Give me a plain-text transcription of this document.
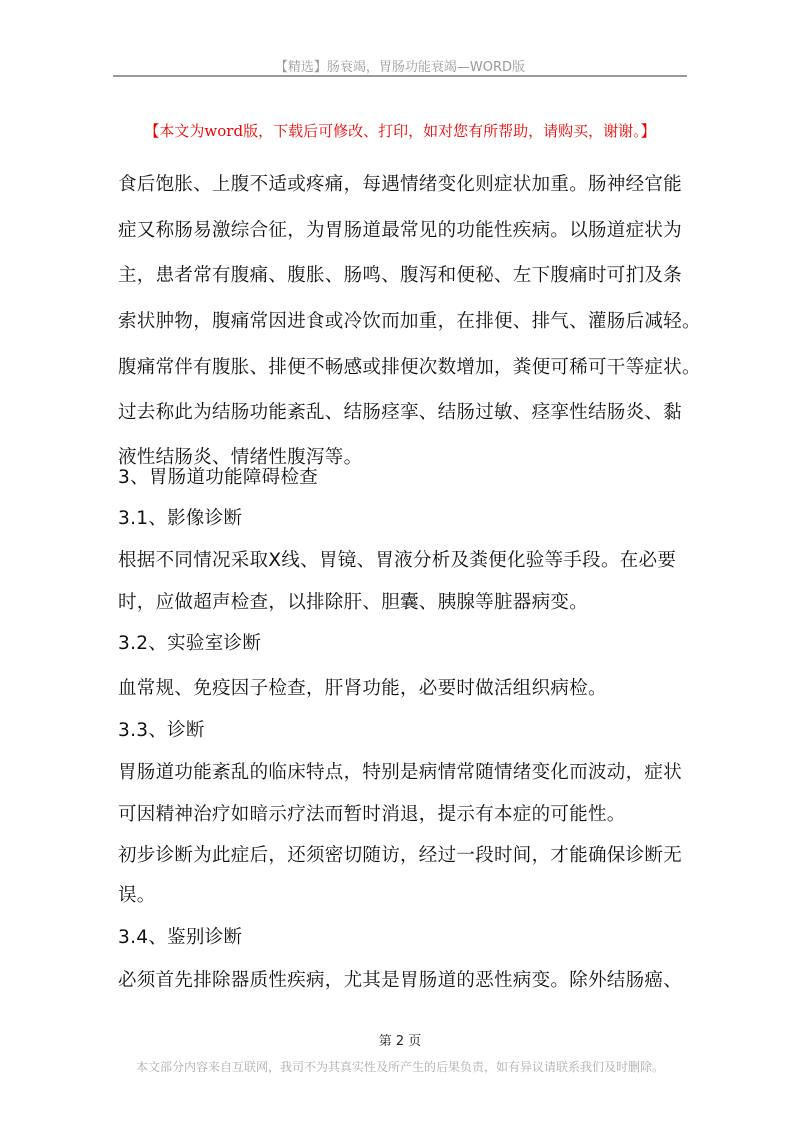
【精选】肠衰竭，胃肠功能衰竭—WORD版
【本文为word版，下载后可修改、打印，如对您有所帮助，请购买，谢谢。】
食后饱胀、上腹不适或疼痛，每遇情绪变化则症状加重。肠神经官能
症又称肠易激综合征，为胃肠道最常见的功能性疾病。以肠道症状为
主，患者常有腹痛、腹胀、肠鸣、腹泻和便秘、左下腹痛时可扪及条
索状肿物，腹痛常因进食或冷饮而加重，在排便、排气、灌肠后减轻。
腹痛常伴有腹胀、排便不畅感或排便次数增加，粪便可稀可干等症状。
过去称此为结肠功能紊乱、结肠痉挛、结肠过敏、痉挛性结肠炎、黏
液性结肠炎、情绪性腹泻等。
3、胃肠道功能障碍检查
3.1、影像诊断
根据不同情况采取X线、胃镜、胃液分析及粪便化验等手段。在必要
时，应做超声检查，以排除肝、胆囊、胰腺等脏器病变。
3.2、实验室诊断
血常规、免疫因子检查，肝肾功能，必要时做活组织病检。
3.3、诊断
胃肠道功能紊乱的临床特点，特别是病情常随情绪变化而波动，症状
可因精神治疗如暗示疗法而暂时消退，提示有本症的可能性。
初步诊断为此症后，还须密切随访，经过一段时间，才能确保诊断无
误。
3.4、鉴别诊断
必须首先排除器质性疾病，尤其是胃肠道的恶性病变。除外结肠癌、
第 2 页
本文部分内容来自互联网，我司不为其真实性及所产生的后果负责，如有异议请联系我们及时删除。
